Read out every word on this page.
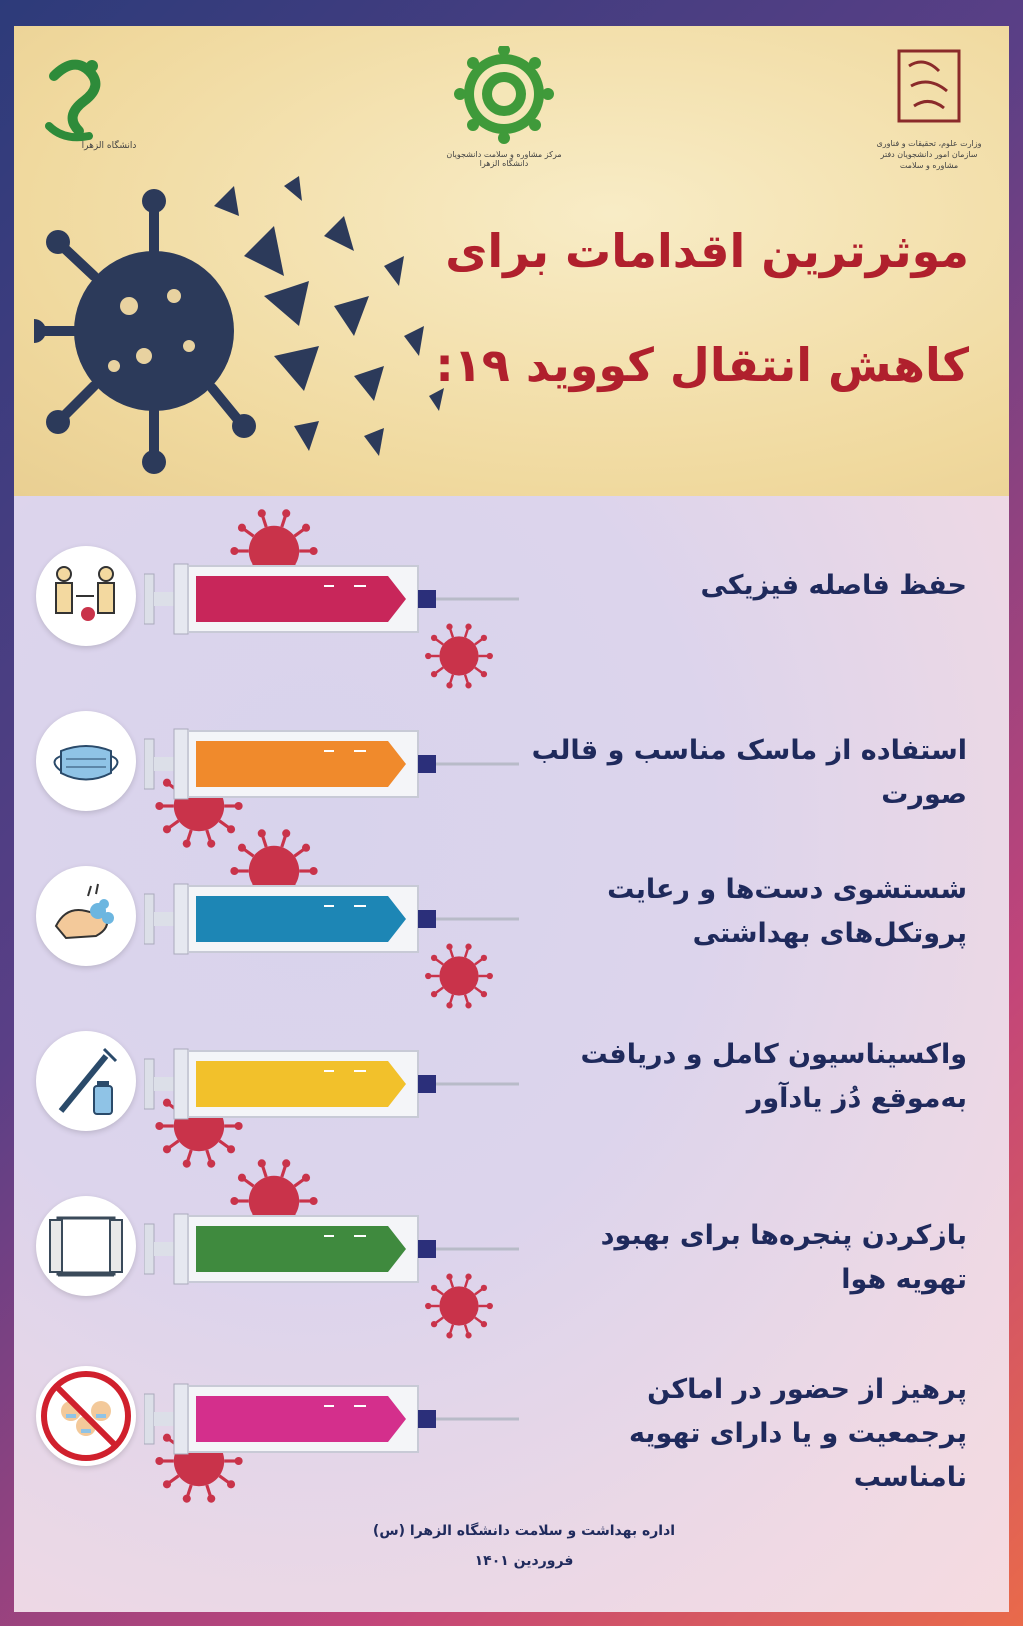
دانشگاه الزهرا
مرکز مشاوره و سلامت دانشجویان دانشگاه الزهرا
وزارت علوم، تحقیقات و فناوری سازمان امور دانشجویان دفتر مشاوره و سلامت
موثرترین اقدامات برای
کاهش انتقال کووید ۱۹:
حفظ فاصله فیزیکی
استفاده از ماسک مناسب و قالب صورت
شستشوی دست‌ها و رعایت پروتکل‌های بهداشتی
واکسیناسیون کامل و دریافت به‌موقع دُز یادآور
بازکردن پنجره‌ها برای بهبود تهویه هوا
پرهیز از حضور در اماکن پرجمعیت و یا دارای تهویه نامناسب
اداره بهداشت و سلامت دانشگاه الزهرا (س)
فروردین ۱۴۰۱
